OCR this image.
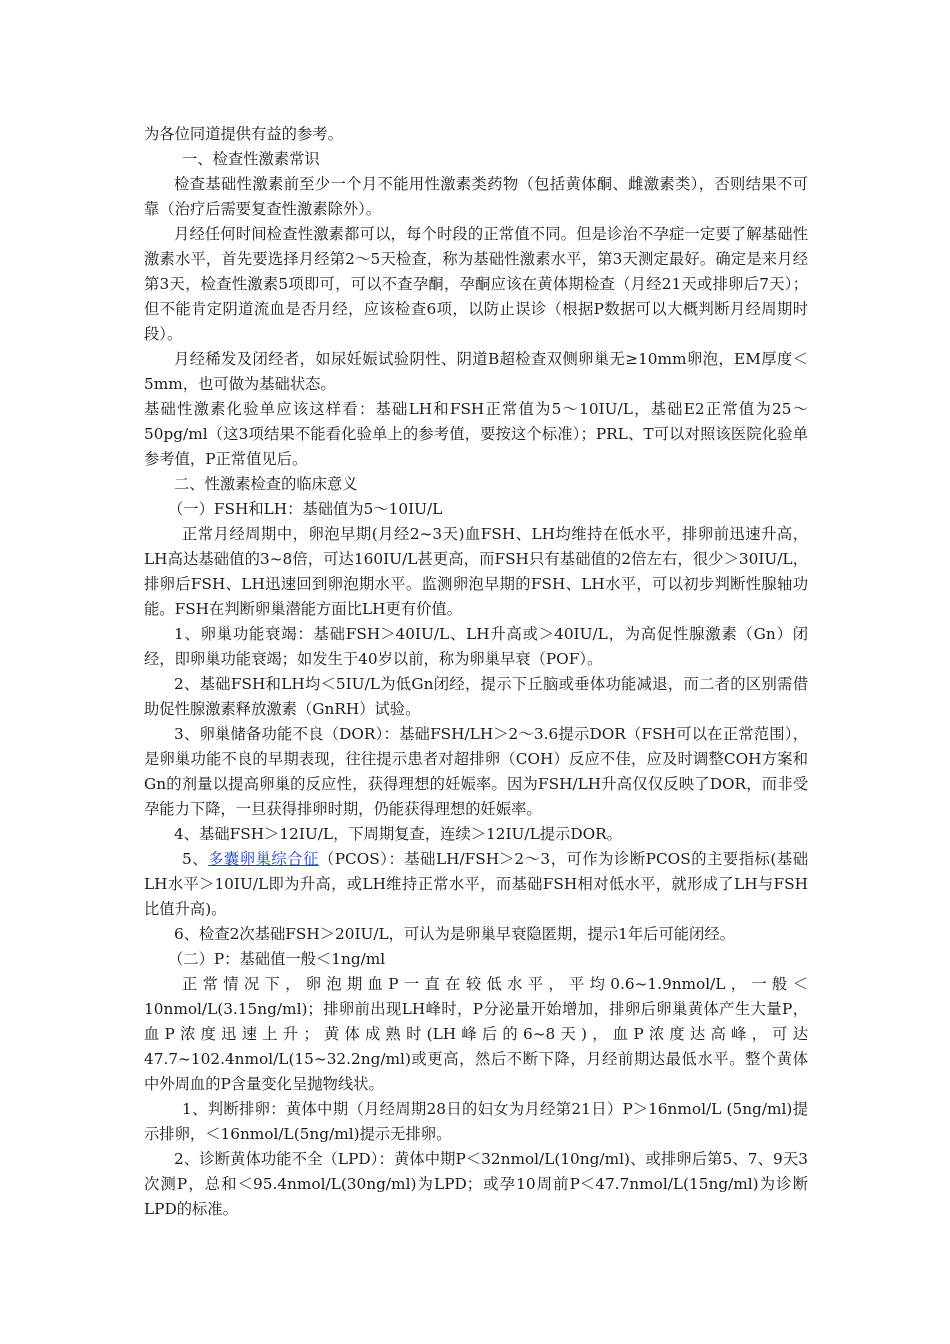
为各位同道提供有益的参考。

一、检查性激素常识

检查基础性激素前至少一个月不能用性激素类药物（包括黄体酮、雌激素类），否则结果不可靠（治疗后需要复查性激素除外）。

月经任何时间检查性激素都可以，每个时段的正常值不同。但是诊治不孕症一定要了解基础性激素水平，首先要选择月经第2～5天检查，称为基础性激素水平，第3天测定最好。确定是来月经第3天，检查性激素5项即可，可以不查孕酮，孕酮应该在黄体期检查（月经21天或排卵后7天）；但不能肯定阴道流血是否月经，应该检查6项，以防止误诊（根据P数据可以大概判断月经周期时段）。

月经稀发及闭经者，如尿妊娠试验阴性、阴道B超检查双侧卵巢无≥10mm卵泡，EM厚度＜5mm，也可做为基础状态。

基础性激素化验单应该这样看：基础LH和FSH正常值为5～10IU/L，基础E2正常值为25～50pg/ml（这3项结果不能看化验单上的参考值，要按这个标准）；PRL、T可以对照该医院化验单参考值，P正常值见后。

二、性激素检查的临床意义

（一）FSH和LH：基础值为5～10IU/L

正常月经周期中，卵泡早期(月经2~3天)血FSH、LH均维持在低水平，排卵前迅速升高，LH高达基础值的3~8倍，可达160IU/L甚更高，而FSH只有基础值的2倍左右，很少＞30IU/L，排卵后FSH、LH迅速回到卵泡期水平。监测卵泡早期的FSH、LH水平，可以初步判断性腺轴功能。FSH在判断卵巢潜能方面比LH更有价值。

1、卵巢功能衰竭：基础FSH＞40IU/L、LH升高或＞40IU/L，为高促性腺激素（Gn）闭经，即卵巢功能衰竭；如发生于40岁以前，称为卵巢早衰（POF）。

2、基础FSH和LH均＜5IU/L为低Gn闭经，提示下丘脑或垂体功能减退，而二者的区别需借助促性腺激素释放激素（GnRH）试验。

3、卵巢储备功能不良（DOR）：基础FSH/LH＞2～3.6提示DOR（FSH可以在正常范围），是卵巢功能不良的早期表现，往往提示患者对超排卵（COH）反应不佳，应及时调整COH方案和Gn的剂量以提高卵巢的反应性，获得理想的妊娠率。因为FSH/LH升高仅仅反映了DOR，而非受孕能力下降，一旦获得排卵时期，仍能获得理想的妊娠率。

4、基础FSH＞12IU/L，下周期复查，连续＞12IU/L提示DOR。

5、多囊卵巢综合征（PCOS）：基础LH/FSH＞2～3，可作为诊断PCOS的主要指标(基础LH水平＞10IU/L即为升高，或LH维持正常水平，而基础FSH相对低水平，就形成了LH与FSH比值升高)。

6、检查2次基础FSH＞20IU/L，可认为是卵巢早衰隐匿期，提示1年后可能闭经。

（二）P：基础值一般＜1ng/ml

正常情况下，卵泡期血P一直在较低水平，平均0.6~1.9nmol/L，一般＜10nmol/L(3.15ng/ml)；排卵前出现LH峰时，P分泌量开始增加，排卵后卵巢黄体产生大量P，血P浓度迅速上升；黄体成熟时(LH峰后的6~8天)，血P浓度达高峰，可达47.7~102.4nmol/L(15~32.2ng/ml)或更高，然后不断下降，月经前期达最低水平。整个黄体中外周血的P含量变化呈抛物线状。

1、判断排卵：黄体中期（月经周期28日的妇女为月经第21日）P＞16nmol/L (5ng/ml)提示排卵，＜16nmol/L(5ng/ml)提示无排卵。

2、诊断黄体功能不全（LPD）：黄体中期P＜32nmol/L(10ng/ml)、或排卵后第5、7、9天3次测P，总和＜95.4nmol/L(30ng/ml)为LPD；或孕10周前P＜47.7nmol/L(15ng/ml)为诊断LPD的标准。
